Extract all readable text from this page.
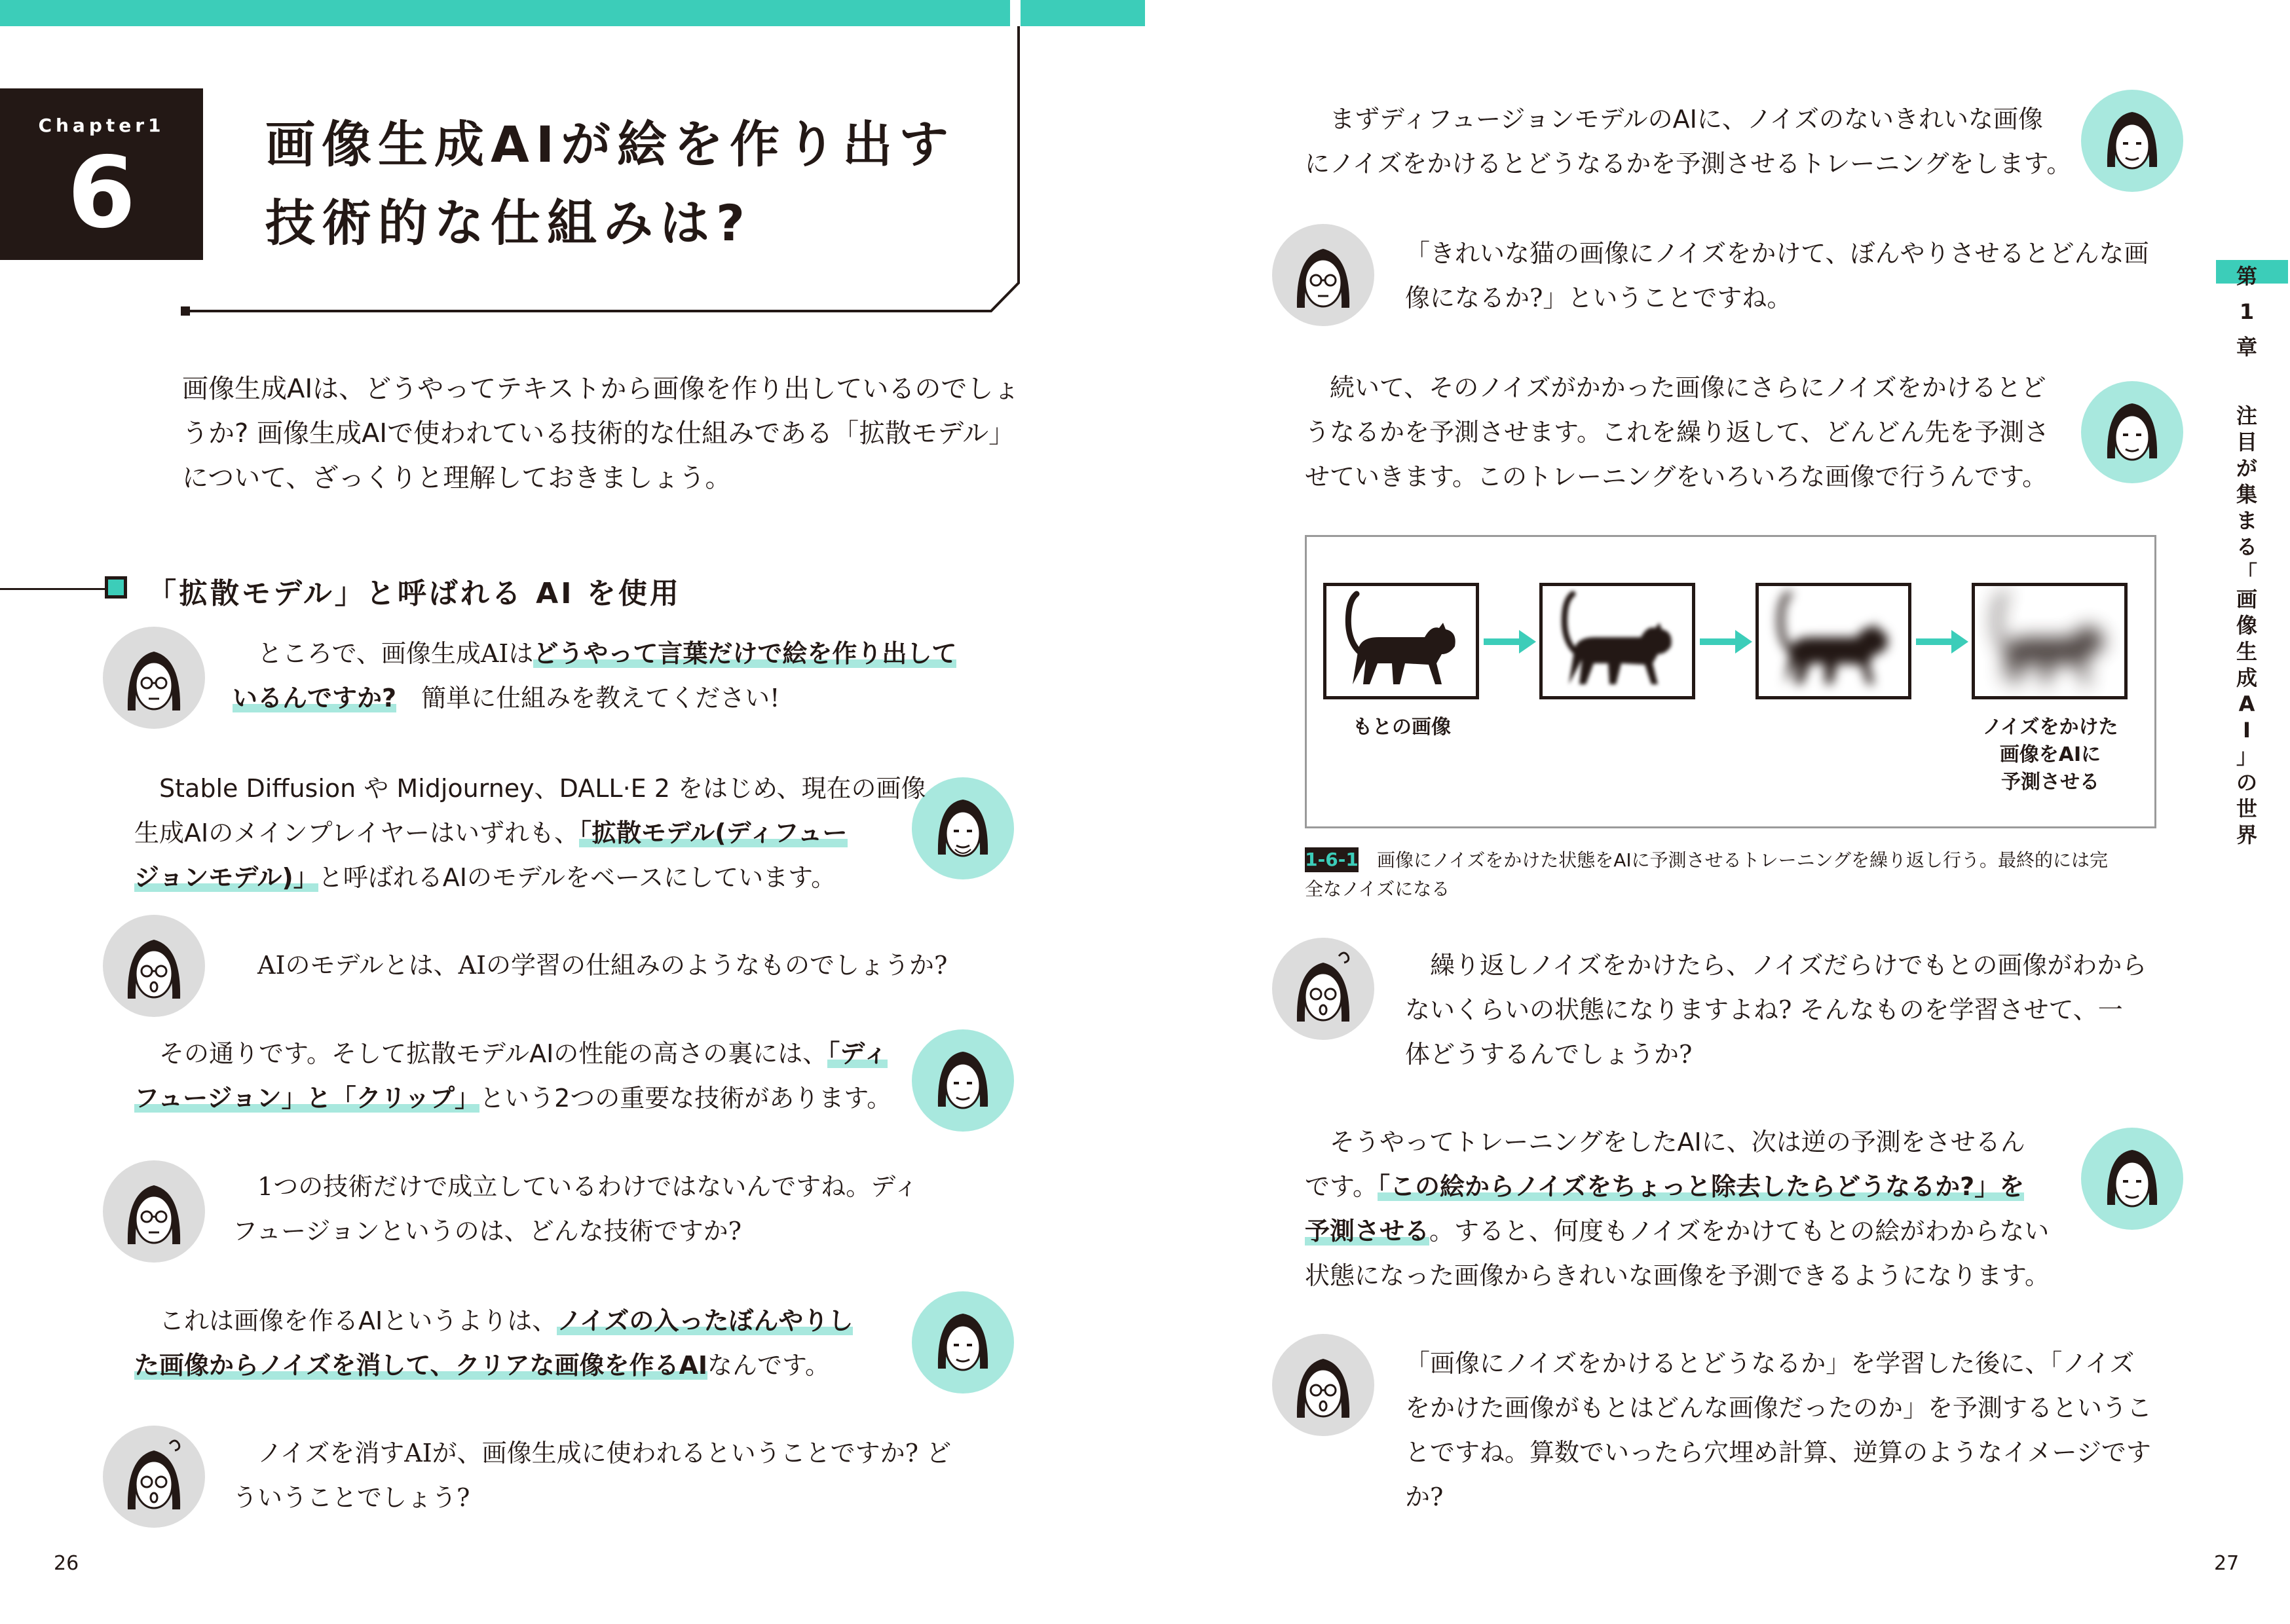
Chapter1
6	画像生成AIが絵を作り出す
技術的な仕組みは?
画像生成AIは、どうやってテキストから画像を作り出しているのでしょ
うか? 画像生成AIで使われている技術的な仕組みである「拡散モデル」
について、ざっくりと理解しておきましょう。
「拡散モデル」と呼ばれる AI を使用
　ところで、画像生成AIはどうやって言葉だけで絵を作り出して
いるんですか?　 簡単に仕組みを教えてください!
　Stable Diffusion や Midjourney、DALL·E 2 をはじめ、現在の画像
生成AIのメインプレイヤーはいずれも、「拡散モデル(ディフュー
ジョンモデル)」と呼ばれるAIのモデルをベースにしています。
　AIのモデルとは、AIの学習の仕組みのようなものでしょうか?
　その通りです。そして拡散モデルAIの性能の高さの裏には、「ディ
フュージョン」と「クリップ」という2つの重要な技術があります。
　1つの技術だけで成立しているわけではないんですね。ディ
フュージョンというのは、どんな技術ですか?
　これは画像を作るAIというよりは、ノイズの入ったぼんやりし
た画像からノイズを消して、クリアな画像を作るAIなんです。
　ノイズを消すAIが、画像生成に使われるということですか? ど
ういうことでしょう?
26
　まずディフュージョンモデルのAIに、ノイズのないきれいな画像
にノイズをかけるとどうなるかを予測させるトレーニングをします。
「きれいな猫の画像にノイズをかけて、ぼんやりさせるとどんな画
像になるか?」ということですね。
　続いて、そのノイズがかかった画像にさらにノイズをかけるとど
うなるかを予測させます。これを繰り返して、どんどん先を予測さ
せていきます。このトレーニングをいろいろな画像で行うんです。
もとの画像	ノイズをかけた
画像をAIに
予測させる
1-6-1	画像にノイズをかけた状態をAIに予測させるトレーニングを繰り返し行う。最終的には完
全なノイズになる
　繰り返しノイズをかけたら、ノイズだらけでもとの画像がわから
ないくらいの状態になりますよね? そんなものを学習させて、一
体どうするんでしょうか?
　そうやってトレーニングをしたAIに、次は逆の予測をさせるん
です。「この絵からノイズをちょっと除去したらどうなるか?」を
予測させる。すると、何度もノイズをかけてもとの絵がわからない
状態になった画像からきれいな画像を予測できるようになります。
「画像にノイズをかけるとどうなるか」を学習した後に、「ノイズ
をかけた画像がもとはどんな画像だったのか」を予測するというこ
とですね。算数でいったら穴埋め計算、逆算のようなイメージです
か?
第
1
章
注
目
が
集
ま
る
「
画
像
生
成
A
I
」
の
世
界
27
